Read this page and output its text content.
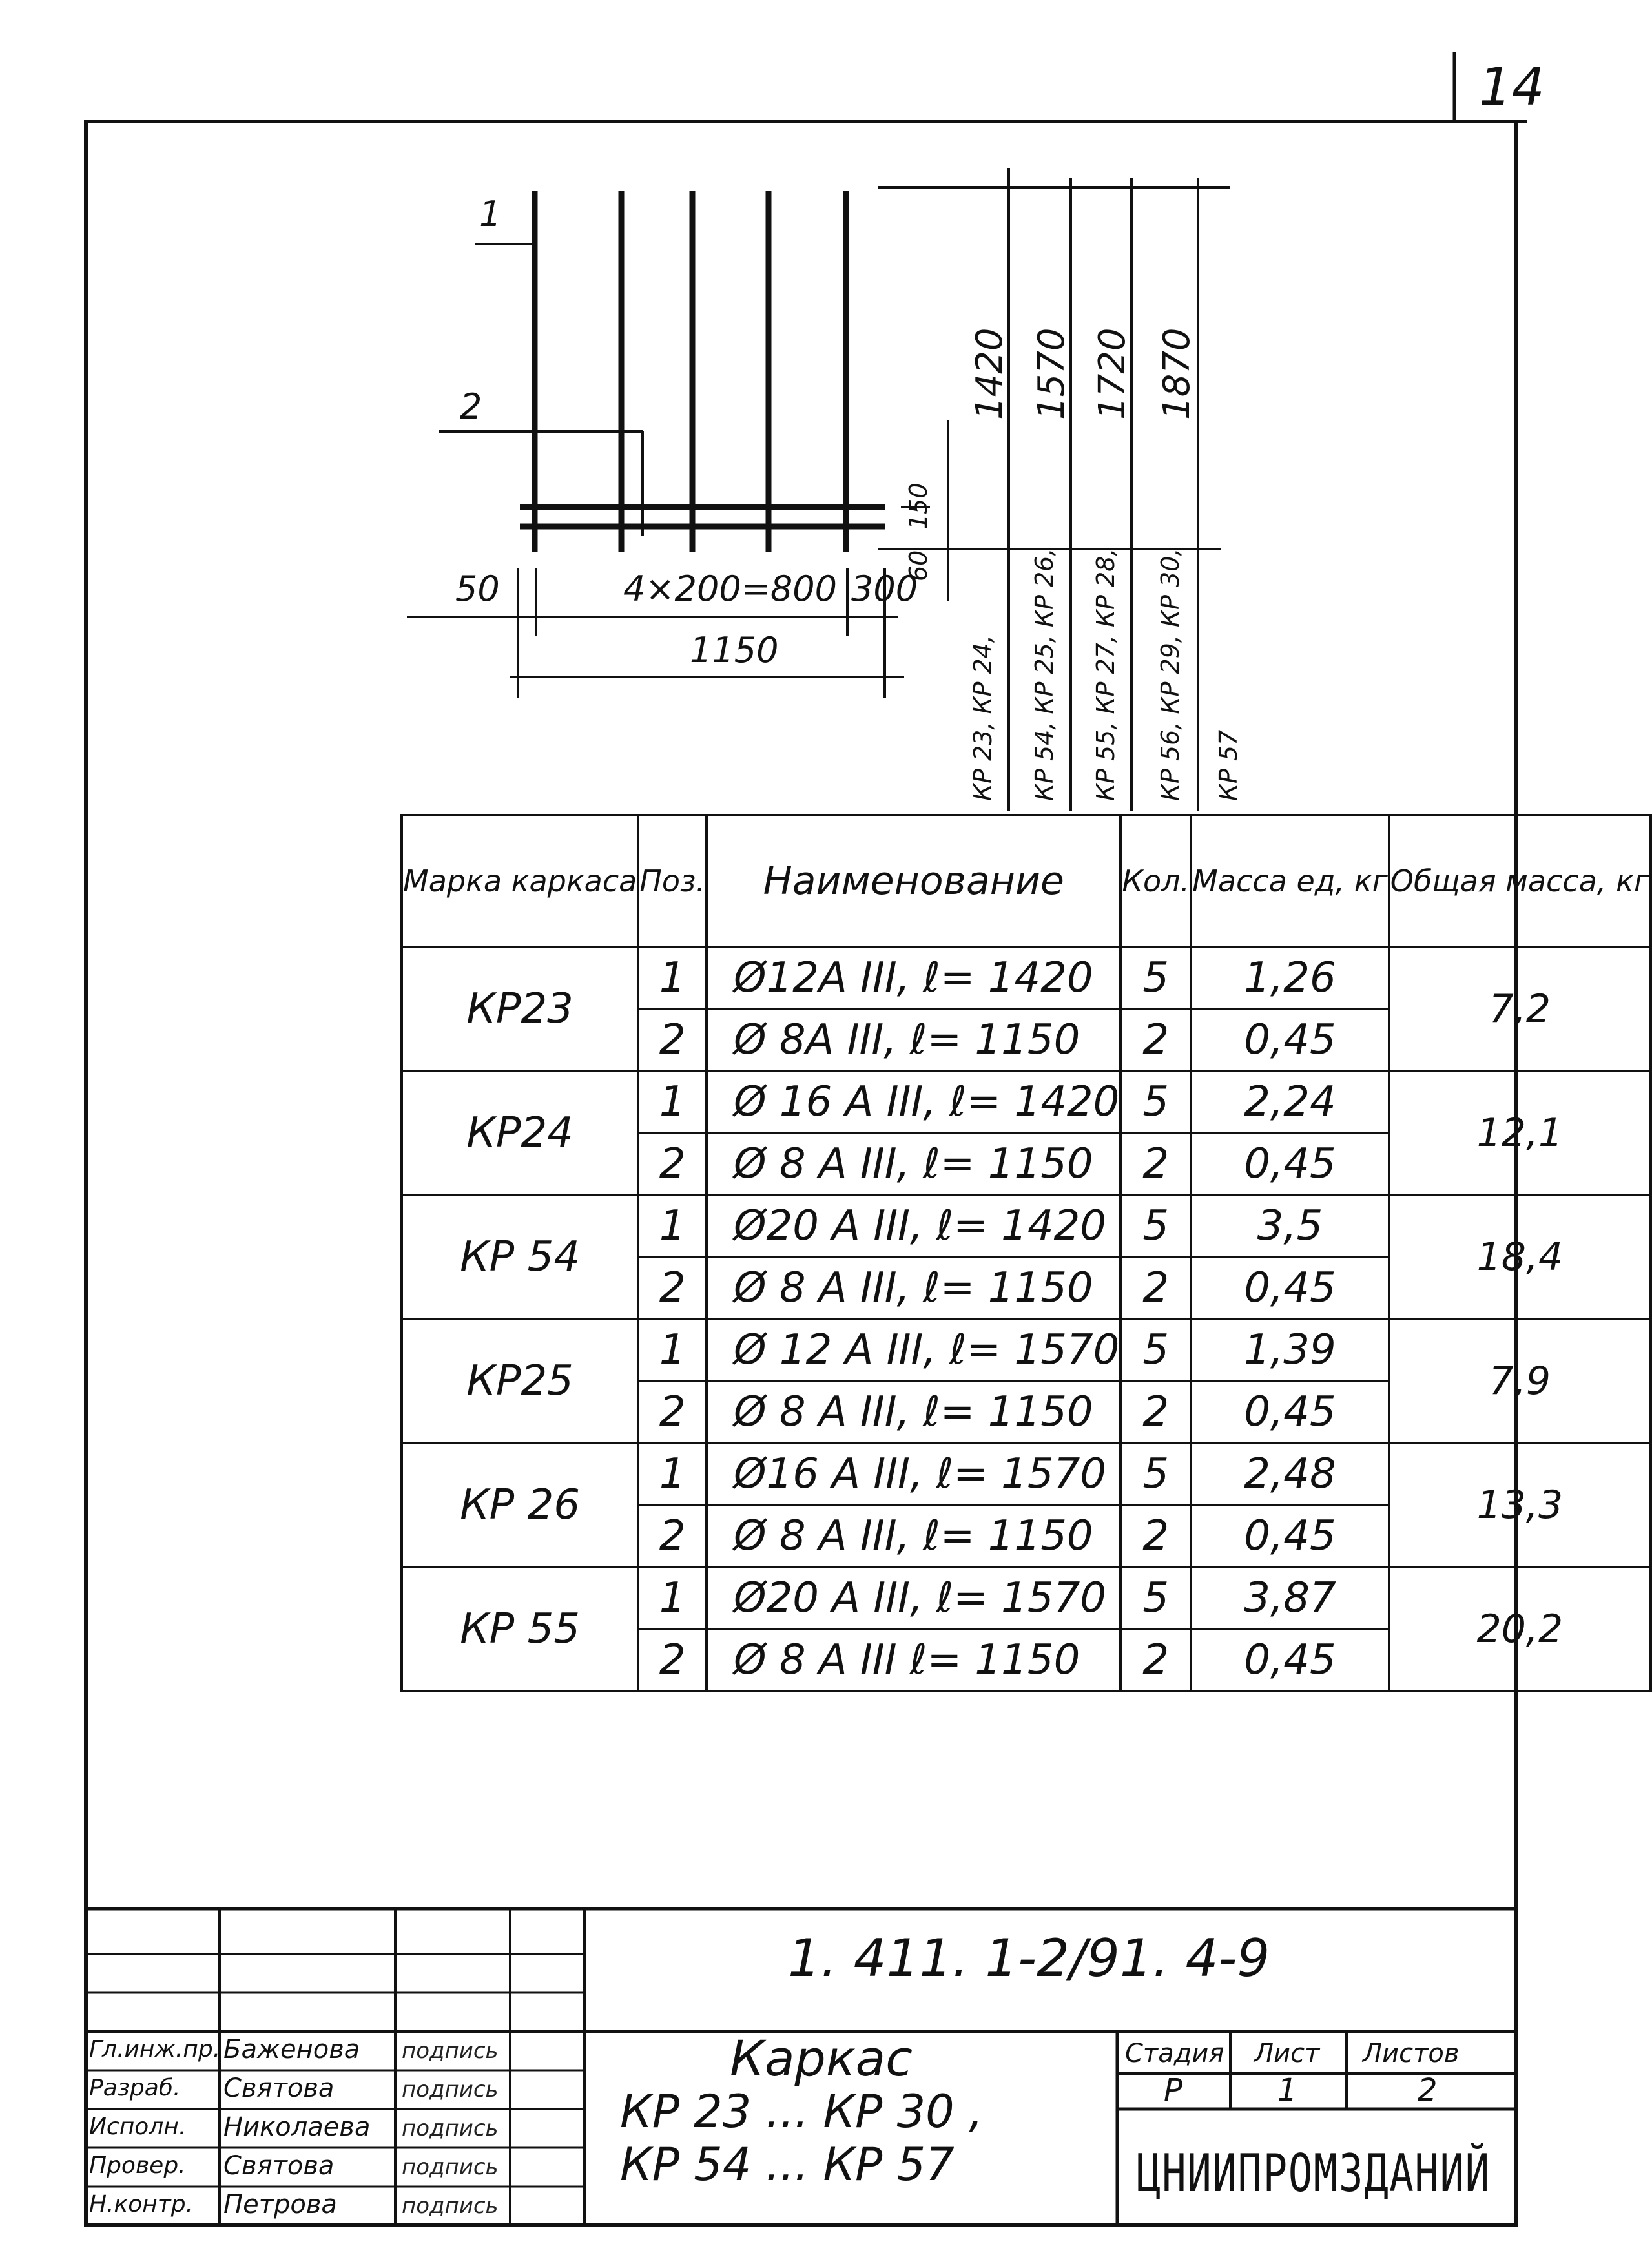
14
1
2
50	4×200=800 300
1150
60
150
1420 1570 1720 1870
КР 23, КР 24, КР 54, КР 25, КР 26, КР 55, КР 27, КР 28, КР 56, КР 29, КР 30, КР 57
Марка каркаса	Поз.	Наименование	Кол.	Масса ед, кг	Общая масса, кг
КР23	1	Ø12А III, ℓ= 1420	5	1,26	7,2
	2	Ø 8А III, ℓ= 1150	2	0,45	
КР24	1	Ø 16 А III, ℓ= 1420	5	2,24	12,1
	2	Ø 8 А III, ℓ= 1150	2	0,45	
КР 54	1	Ø20 А III, ℓ= 1420	5	3,5	18,4
	2	Ø 8 А III, ℓ= 1150	2	0,45	
КР25	1	Ø 12 А III, ℓ= 1570	5	1,39	7,9
	2	Ø 8 А III, ℓ= 1150	2	0,45	
КР 26	1	Ø16 А III, ℓ= 1570	5	2,48	13,3
	2	Ø 8 А III, ℓ= 1150	2	0,45	
КР 55	1	Ø20 А III, ℓ= 1570	5	3,87	20,2
	2	Ø 8 А III ℓ= 1150	2	0,45	
1. 411. 1-2/91. 4-9
Гл.инж.пр. Баженова подпись
Разраб. Святова	подпись
Исполн. Николаева подпись
Провер. Святова	подпись
Н.контр. Петрова	подпись
Каркас
КР 23 ... КР 30 ,
КР 54 ... КР 57
Стадия Лист Листов
Р	1	2
ЦНИИПРОМЗДАНИЙ
